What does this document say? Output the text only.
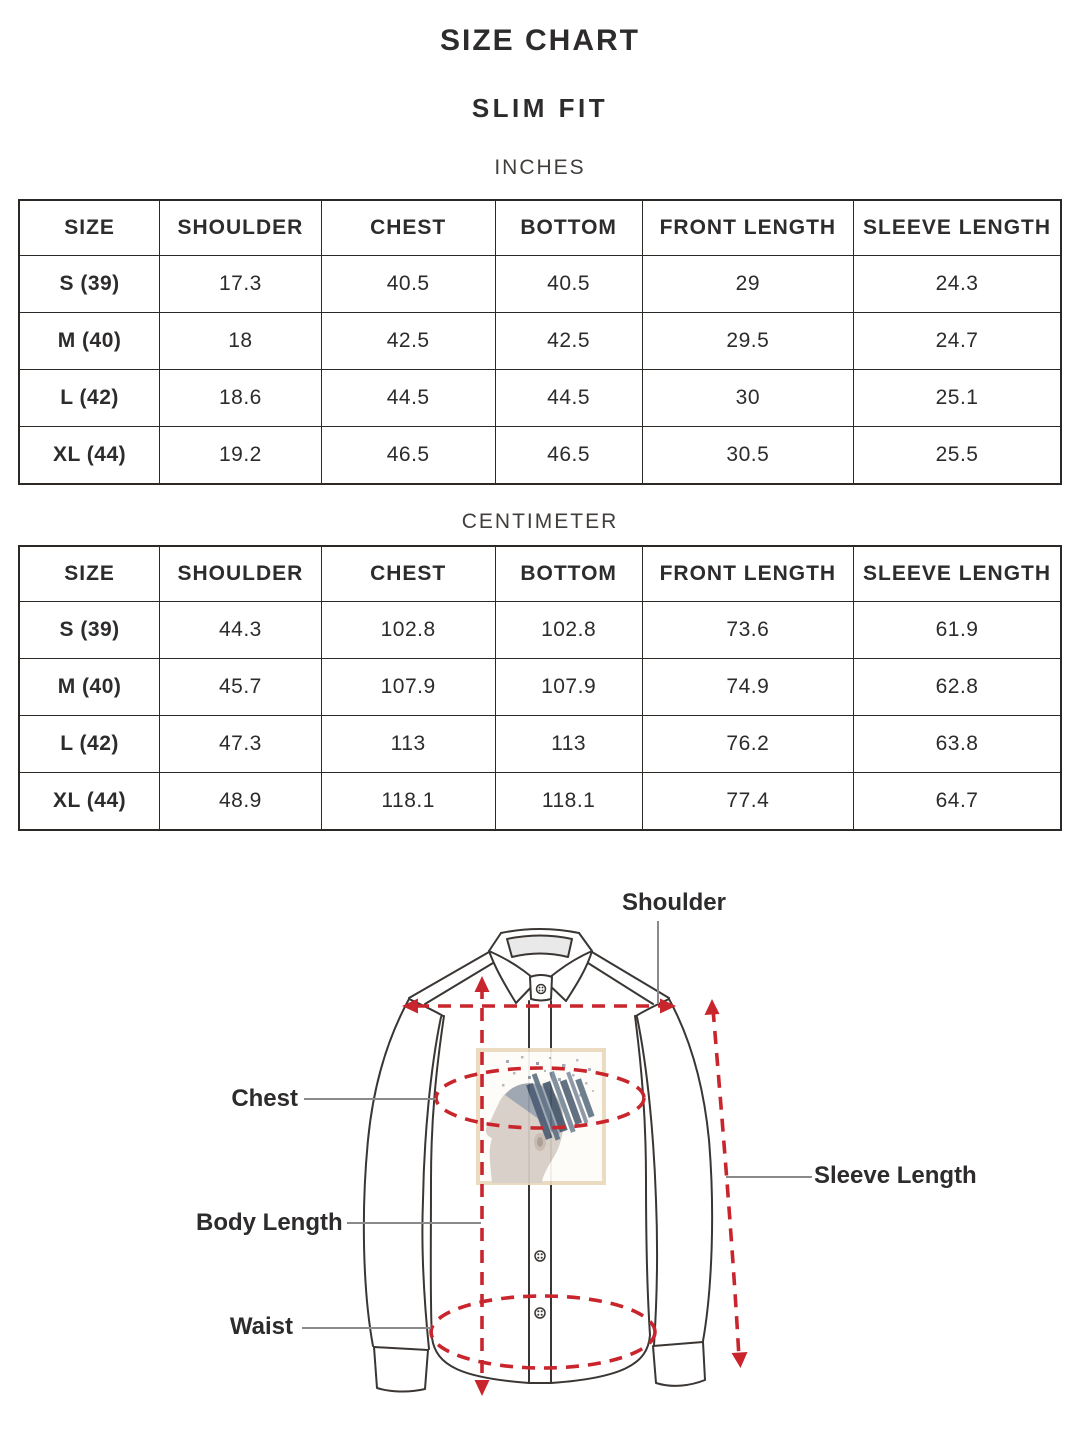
SIZE CHART
SLIM FIT
INCHES
SIZE	SHOULDER	CHEST	BOTTOM	FRONT LENGTH	SLEEVE LENGTH
S (39)	17.3	40.5	40.5	29	24.3
M (40)	18	42.5	42.5	29.5	24.7
L (42)	18.6	44.5	44.5	30	25.1
XL (44)	19.2	46.5	46.5	30.5	25.5
CENTIMETER
SIZE	SHOULDER	CHEST	BOTTOM	FRONT LENGTH	SLEEVE LENGTH
S (39)	44.3	102.8	102.8	73.6	61.9
M (40)	45.7	107.9	107.9	74.9	62.8
L (42)	47.3	113	113	76.2	63.8
XL (44)	48.9	118.1	118.1	77.4	64.7
Shoulder
Chest
Sleeve Length
Body Length
Waist
